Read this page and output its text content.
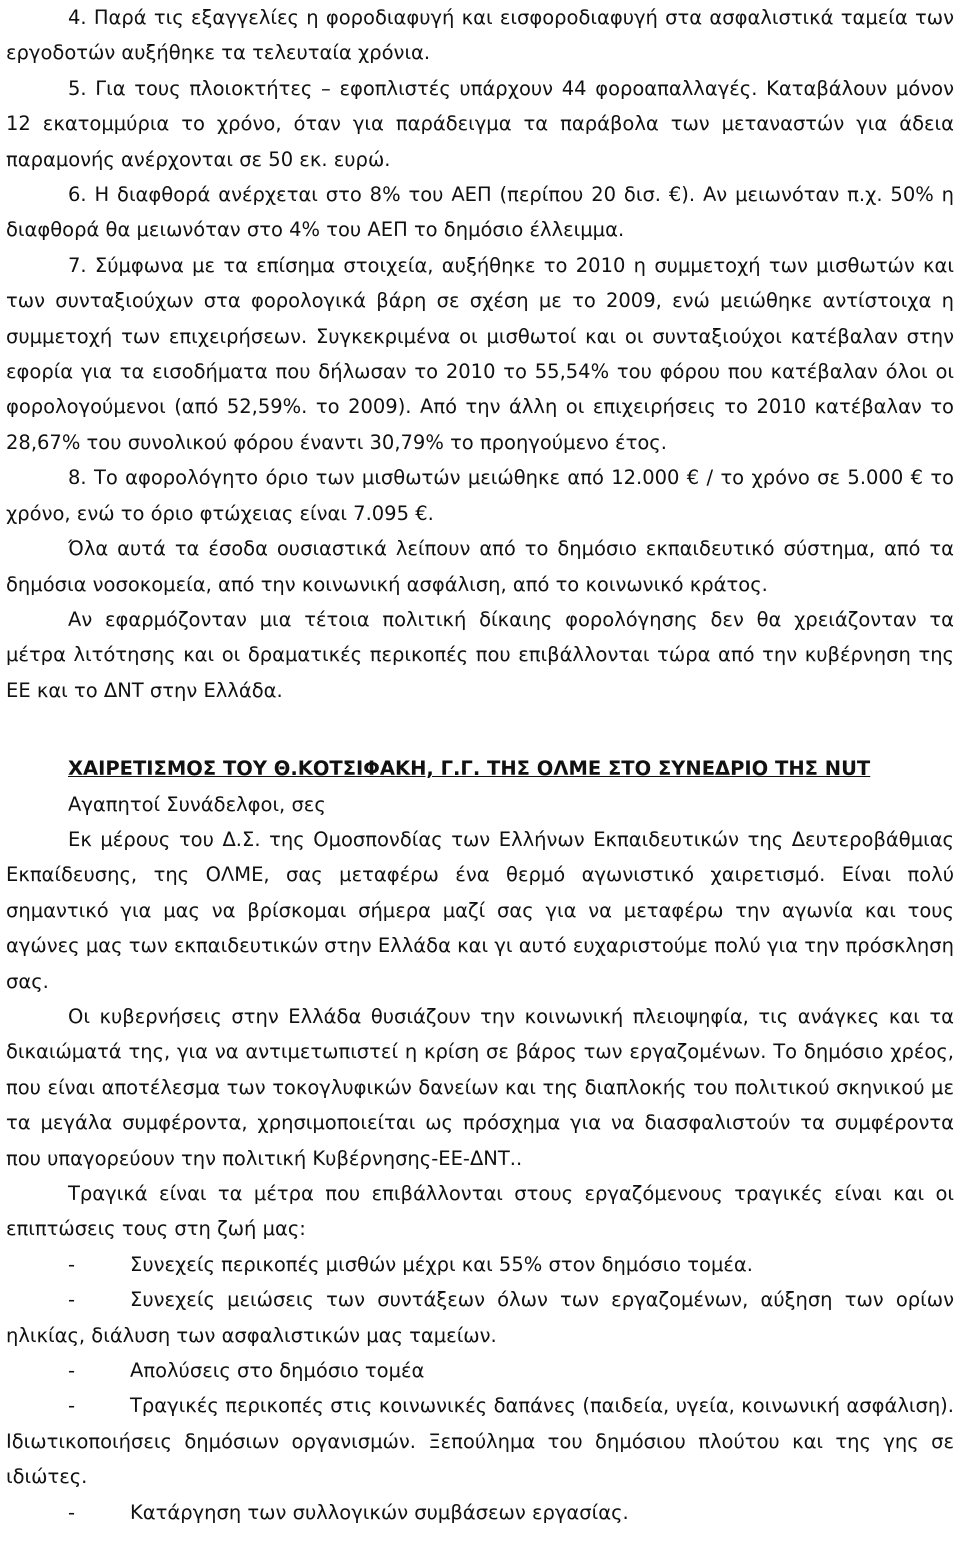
4. Παρά τις εξαγγελίες η φοροδιαφυγή και εισφοροδιαφυγή στα ασφαλιστικά ταμεία των εργοδοτών αυξήθηκε τα τελευταία χρόνια.

5. Για τους πλοιοκτήτες – εφοπλιστές υπάρχουν 44 φοροαπαλλαγές. Καταβάλουν μόνον 12 εκατομμύρια το χρόνο, όταν για παράδειγμα τα παράβολα των μεταναστών για άδεια παραμονής ανέρχονται σε 50 εκ. ευρώ.

6. Η διαφθορά ανέρχεται στο 8% του ΑΕΠ (περίπου 20 δισ. €). Αν μειωνόταν π.χ. 50% η διαφθορά θα μειωνόταν στο 4% του ΑΕΠ το δημόσιο έλλειμμα.

7. Σύμφωνα με τα επίσημα στοιχεία, αυξήθηκε το 2010 η συμμετοχή των μισθωτών και των συνταξιούχων στα φορολογικά βάρη σε σχέση με το 2009, ενώ μειώθηκε αντίστοιχα η συμμετοχή των επιχειρήσεων. Συγκεκριμένα οι μισθωτοί και οι συνταξιούχοι κατέβαλαν στην εφορία για τα εισοδήματα που δήλωσαν το 2010 το 55,54% του φόρου που κατέβαλαν όλοι οι φορολογούμενοι (από 52,59%. το 2009). Από την άλλη οι επιχειρήσεις το 2010 κατέβαλαν το 28,67% του συνολικού φόρου έναντι 30,79% το προηγούμενο έτος.

8. Το αφορολόγητο όριο των μισθωτών μειώθηκε από 12.000 € / το χρόνο σε 5.000 € το χρόνο, ενώ το όριο φτώχειας είναι 7.095 €.

Όλα αυτά τα έσοδα ουσιαστικά λείπουν από το δημόσιο εκπαιδευτικό σύστημα, από τα δημόσια νοσοκομεία, από την κοινωνική ασφάλιση, από το κοινωνικό κράτος.

Αν εφαρμόζονταν μια τέτοια πολιτική δίκαιης φορολόγησης δεν θα χρειάζονταν τα μέτρα λιτότησης και οι δραματικές περικοπές που επιβάλλονται τώρα από την κυβέρνηση της ΕΕ και το ΔΝΤ στην Ελλάδα.

ΧΑΙΡΕΤΙΣΜΟΣ ΤΟΥ Θ.ΚΟΤΣΙΦΑΚΗ, Γ.Γ. ΤΗΣ ΟΛΜΕ ΣΤΟ ΣΥΝΕΔΡΙΟ ΤΗΣ NUT

Αγαπητοί Συνάδελφοι, σες

Εκ μέρους του Δ.Σ. της Ομοσπονδίας των Ελλήνων Εκπαιδευτικών της Δευτεροβάθμιας Εκπαίδευσης, της ΟΛΜΕ, σας μεταφέρω ένα θερμό αγωνιστικό χαιρετισμό. Είναι πολύ σημαντικό για μας να βρίσκομαι σήμερα μαζί σας για να μεταφέρω την αγωνία και τους αγώνες μας των εκπαιδευτικών στην Ελλάδα και γι αυτό ευχαριστούμε πολύ για την πρόσκληση σας.

Οι κυβερνήσεις στην Ελλάδα θυσιάζουν την κοινωνική πλειοψηφία, τις ανάγκες και τα δικαιώματά της, για να αντιμετωπιστεί η κρίση σε βάρος των εργαζομένων. Το δημόσιο χρέος, που είναι αποτέλεσμα των τοκογλυφικών δανείων και της διαπλοκής του πολιτικού σκηνικού με τα μεγάλα συμφέροντα, χρησιμοποιείται ως πρόσχημα για να διασφαλιστούν τα συμφέροντα που υπαγορεύουν την πολιτική Κυβέρνησης-ΕΕ-ΔΝΤ..

Τραγικά είναι τα μέτρα που επιβάλλονται στους εργαζόμενους τραγικές είναι και οι επιπτώσεις τους στη ζωή μας:

-	Συνεχείς περικοπές μισθών μέχρι και 55% στον δημόσιο τομέα.

-	Συνεχείς μειώσεις των συντάξεων όλων των εργαζομένων, αύξηση των ορίων ηλικίας, διάλυση των ασφαλιστικών μας ταμείων.

-	Απολύσεις στο δημόσιο τομέα

-	Τραγικές περικοπές στις κοινωνικές δαπάνες (παιδεία, υγεία, κοινωνική ασφάλιση). Ιδιωτικοποιήσεις δημόσιων οργανισμών. Ξεπούλημα του δημόσιου πλούτου και της γης σε ιδιώτες.

-	Κατάργηση των συλλογικών συμβάσεων εργασίας.
